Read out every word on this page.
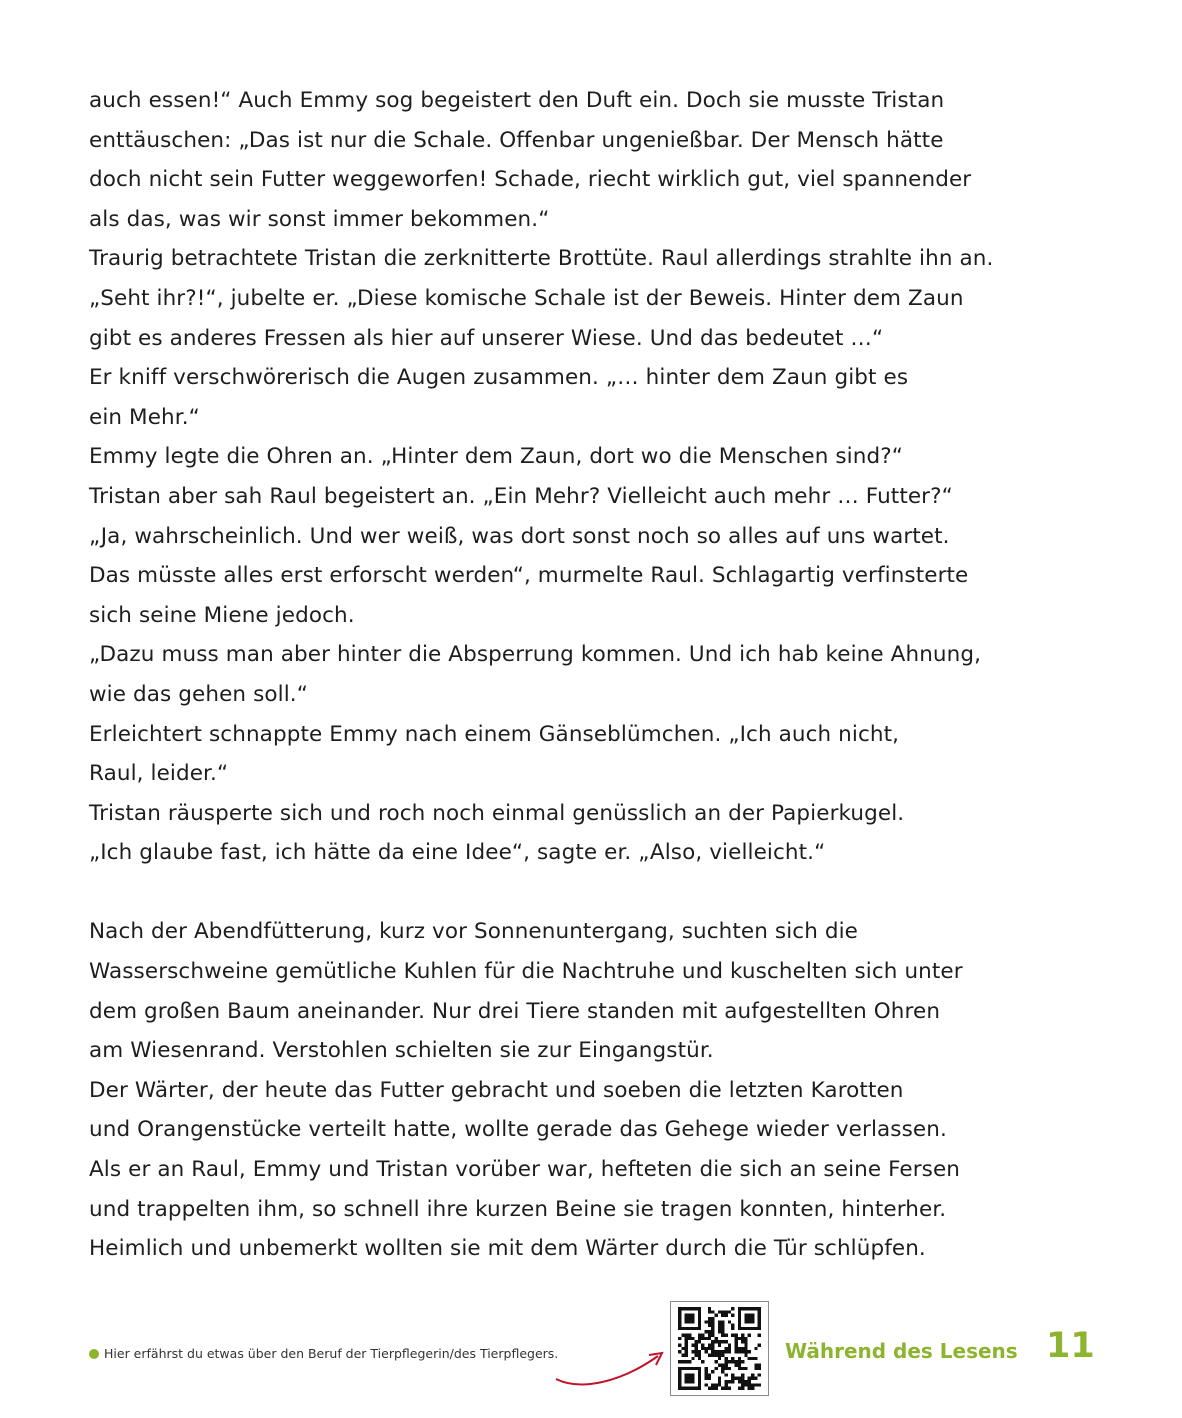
auch essen!“ Auch Emmy sog begeistert den Duft ein. Doch sie musste Tristan
enttäuschen: „Das ist nur die Schale. Offenbar ungenießbar. Der Mensch hätte
doch nicht sein Futter weggeworfen! Schade, riecht wirklich gut, viel spannender
als das, was wir sonst immer bekommen.“
Traurig betrachtete Tristan die zerknitterte Brottüte. Raul allerdings strahlte ihn an.
„Seht ihr?!“, jubelte er. „Diese komische Schale ist der Beweis. Hinter dem Zaun
gibt es anderes Fressen als hier auf unserer Wiese. Und das bedeutet …“
Er kniff verschwörerisch die Augen zusammen. „… hinter dem Zaun gibt es
ein Mehr.“
Emmy legte die Ohren an. „Hinter dem Zaun, dort wo die Menschen sind?“
Tristan aber sah Raul begeistert an. „Ein Mehr? Vielleicht auch mehr … Futter?“
„Ja, wahrscheinlich. Und wer weiß, was dort sonst noch so alles auf uns wartet.
Das müsste alles erst erforscht werden“, murmelte Raul. Schlagartig verfinsterte
sich seine Miene jedoch.
„Dazu muss man aber hinter die Absperrung kommen. Und ich hab keine Ahnung,
wie das gehen soll.“
Erleichtert schnappte Emmy nach einem Gänseblümchen. „Ich auch nicht,
Raul, leider.“
Tristan räusperte sich und roch noch einmal genüsslich an der Papierkugel.
„Ich glaube fast, ich hätte da eine Idee“, sagte er. „Also, vielleicht.“
Nach der Abendfütterung, kurz vor Sonnenuntergang, suchten sich die
Wasserschweine gemütliche Kuhlen für die Nachtruhe und kuschelten sich unter
dem großen Baum aneinander. Nur drei Tiere standen mit aufgestellten Ohren
am Wiesenrand. Verstohlen schielten sie zur Eingangstür.
Der Wärter, der heute das Futter gebracht und soeben die letzten Karotten
und Orangenstücke verteilt hatte, wollte gerade das Gehege wieder verlassen.
Als er an Raul, Emmy und Tristan vorüber war, hefteten die sich an seine Fersen
und trappelten ihm, so schnell ihre kurzen Beine sie tragen konnten, hinterher.
Heimlich und unbemerkt wollten sie mit dem Wärter durch die Tür schlüpfen.
Hier erfährst du etwas über den Beruf der Tierpflegerin/des Tierpflegers.	Während des Lesens 11
